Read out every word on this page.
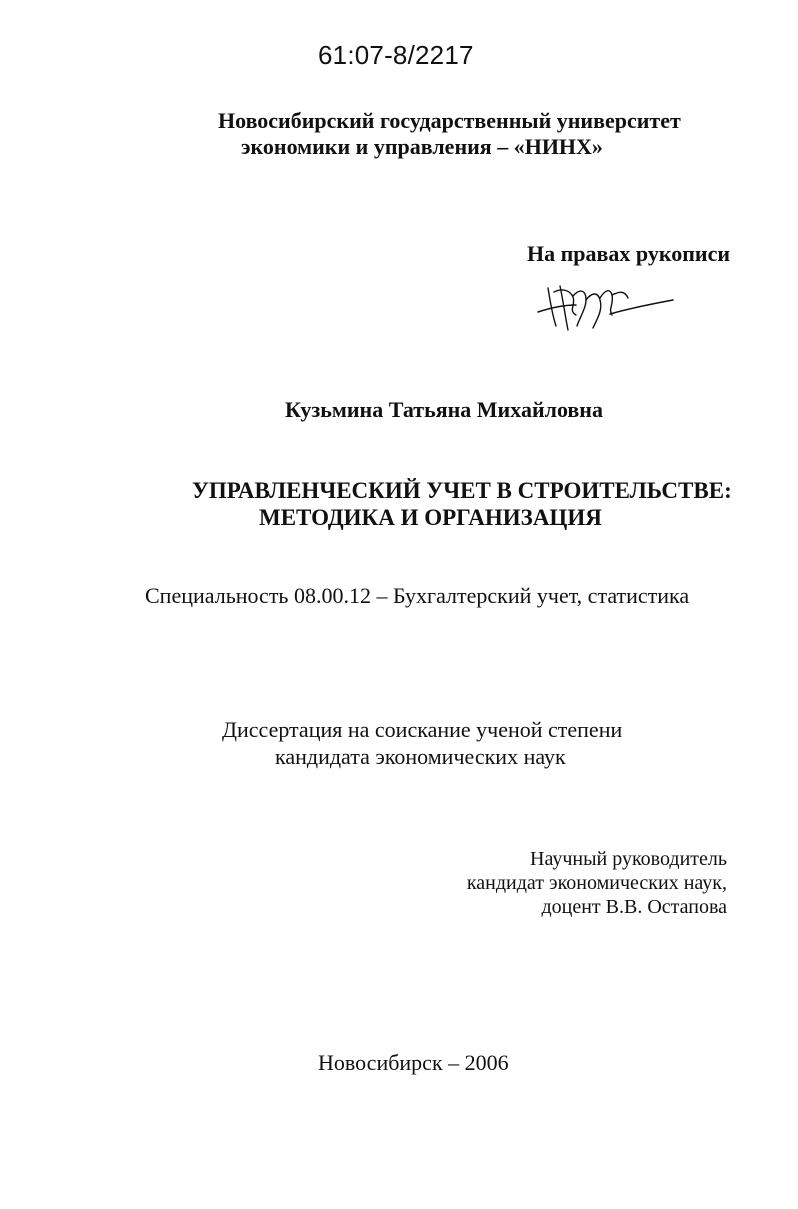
61:07-8/2217
Новосибирский государственный университет
экономики и управления – «НИНХ»
На правах рукописи
Кузьмина Татьяна Михайловна
УПРАВЛЕНЧЕСКИЙ УЧЕТ В СТРОИТЕЛЬСТВЕ:
МЕТОДИКА И ОРГАНИЗАЦИЯ
Специальность 08.00.12 – Бухгалтерский учет, статистика
Диссертация на соискание ученой степени
кандидата экономических наук
Научный руководитель
кандидат экономических наук,
доцент В.В. Остапова
Новосибирск – 2006
